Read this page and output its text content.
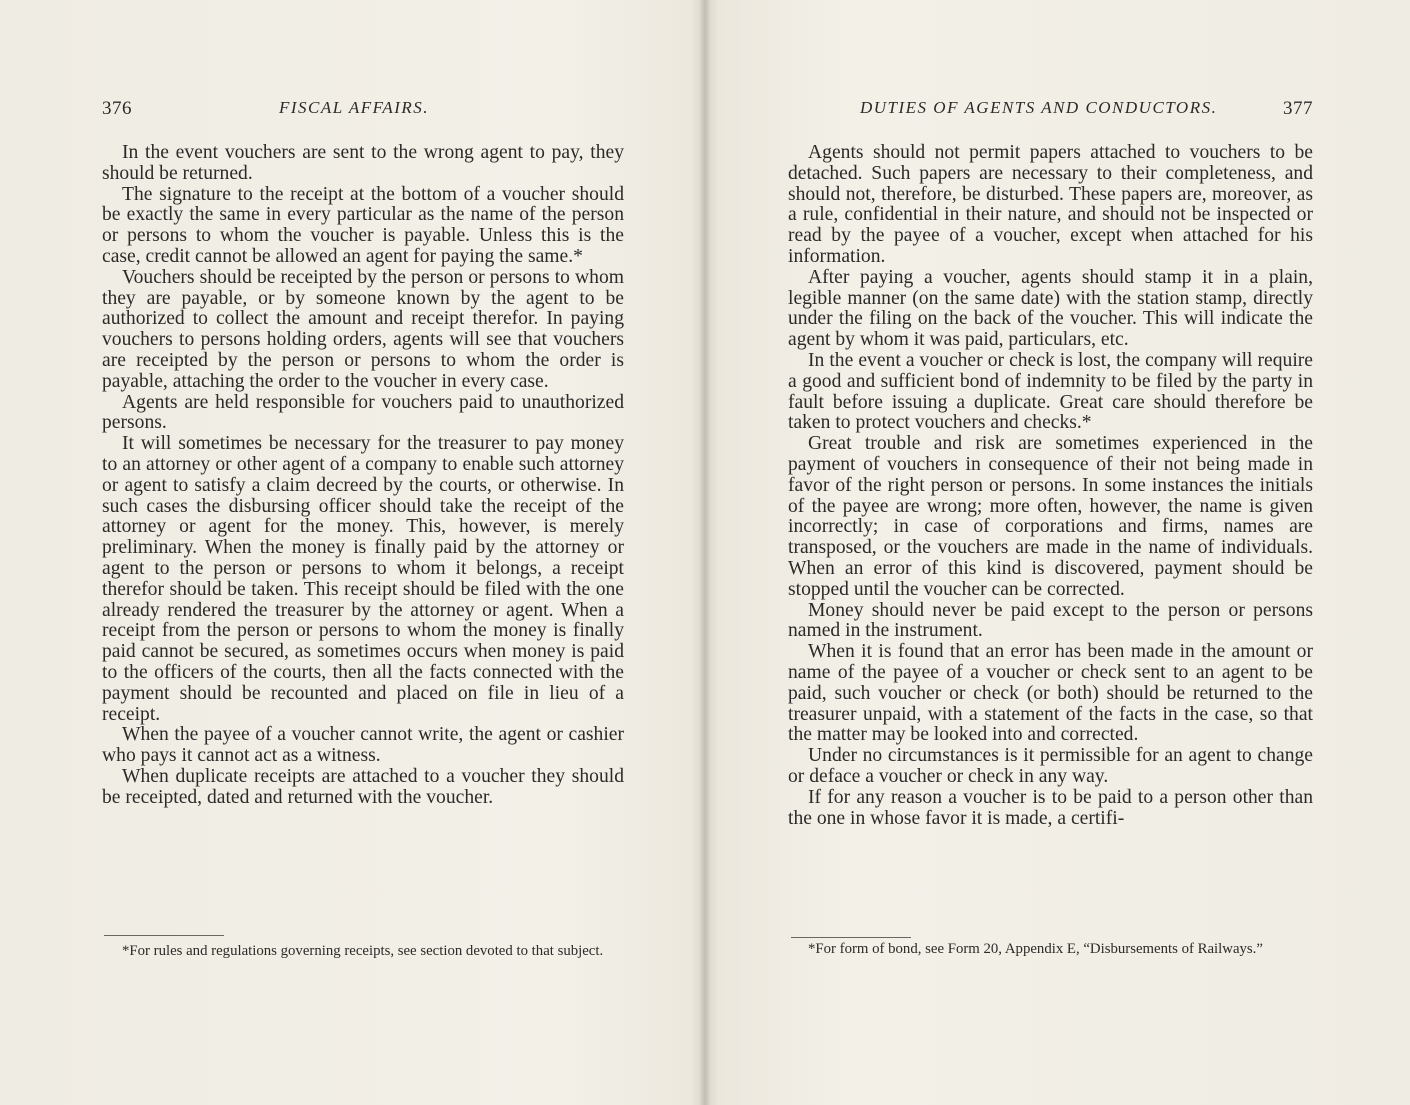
376	FISCAL AFFAIRS.

In the event vouchers are sent to the wrong agent to pay, they should be returned.

The signature to the receipt at the bottom of a voucher should be exactly the same in every particular as the name of the person or persons to whom the voucher is payable. Unless this is the case, credit cannot be allowed an agent for paying the same.*

Vouchers should be receipted by the person or persons to whom they are payable, or by someone known by the agent to be authorized to collect the amount and receipt therefor. In paying vouchers to persons holding orders, agents will see that vouchers are receipted by the person or persons to whom the order is payable, attaching the order to the voucher in every case.

Agents are held responsible for vouchers paid to unauthorized persons.

It will sometimes be necessary for the treasurer to pay money to an attorney or other agent of a company to enable such attorney or agent to satisfy a claim decreed by the courts, or otherwise. In such cases the disbursing officer should take the receipt of the attorney or agent for the money. This, however, is merely preliminary. When the money is finally paid by the attorney or agent to the person or persons to whom it belongs, a receipt therefor should be taken. This receipt should be filed with the one already rendered the treasurer by the attorney or agent. When a receipt from the person or persons to whom the money is finally paid cannot be secured, as sometimes occurs when money is paid to the officers of the courts, then all the facts connected with the payment should be recounted and placed on file in lieu of a receipt.

When the payee of a voucher cannot write, the agent or cashier who pays it cannot act as a witness.

When duplicate receipts are attached to a voucher they should be receipted, dated and returned with the voucher.

*For rules and regulations governing receipts, see section devoted to that subject.

DUTIES OF AGENTS AND CONDUCTORS.	377

Agents should not permit papers attached to vouchers to be detached. Such papers are necessary to their completeness, and should not, therefore, be disturbed. These papers are, moreover, as a rule, confidential in their nature, and should not be inspected or read by the payee of a voucher, except when attached for his information.

After paying a voucher, agents should stamp it in a plain, legible manner (on the same date) with the station stamp, directly under the filing on the back of the voucher. This will indicate the agent by whom it was paid, particulars, etc.

In the event a voucher or check is lost, the company will require a good and sufficient bond of indemnity to be filed by the party in fault before issuing a duplicate. Great care should therefore be taken to protect vouchers and checks.*

Great trouble and risk are sometimes experienced in the payment of vouchers in consequence of their not being made in favor of the right person or persons. In some instances the initials of the payee are wrong; more often, however, the name is given incorrectly; in case of corporations and firms, names are transposed, or the vouchers are made in the name of individuals. When an error of this kind is discovered, payment should be stopped until the voucher can be corrected.

Money should never be paid except to the person or persons named in the instrument.

When it is found that an error has been made in the amount or name of the payee of a voucher or check sent to an agent to be paid, such voucher or check (or both) should be returned to the treasurer unpaid, with a statement of the facts in the case, so that the matter may be looked into and corrected.

Under no circumstances is it permissible for an agent to change or deface a voucher or check in any way.

If for any reason a voucher is to be paid to a person other than the one in whose favor it is made, a certifi-

*For form of bond, see Form 20, Appendix E, “Disbursements of Railways.”
